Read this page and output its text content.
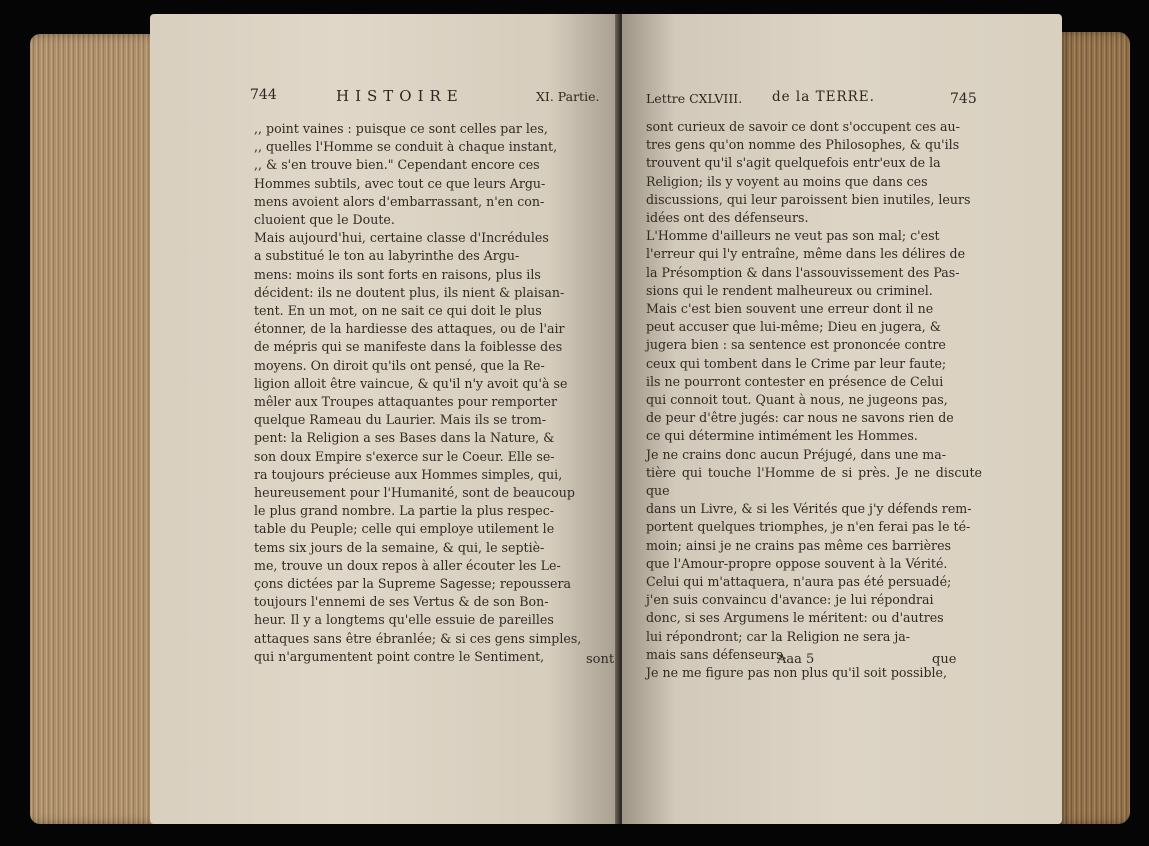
744	HISTOIRE	XI. Partie.

,, point vaines : puisque ce sont celles par les,

,, quelles l'Homme se conduit à chaque instant,

,, & s'en trouve bien." Cependant encore ces

Hommes subtils, avec tout ce que leurs Argu-

mens avoient alors d'embarrassant, n'en con-

cluoient que le Doute.

Mais aujourd'hui, certaine classe d'Incrédules

a substitué le ton au labyrinthe des Argu-

mens: moins ils sont forts en raisons, plus ils

décident: ils ne doutent plus, ils nient & plaisan-

tent. En un mot, on ne sait ce qui doit le plus

étonner, de la hardiesse des attaques, ou de l'air

de mépris qui se manifeste dans la foiblesse des

moyens. On diroit qu'ils ont pensé, que la Re-

ligion alloit être vaincue, & qu'il n'y avoit qu'à se

mêler aux Troupes attaquantes pour remporter

quelque Rameau du Laurier. Mais ils se trom-

pent: la Religion a ses Bases dans la Nature, &

son doux Empire s'exerce sur le Coeur. Elle se-

ra toujours précieuse aux Hommes simples, qui,

heureusement pour l'Humanité, sont de beaucoup

le plus grand nombre. La partie la plus respec-

table du Peuple; celle qui employe utilement le

tems six jours de la semaine, & qui, le septiè-

me, trouve un doux repos à aller écouter les Le-

çons dictées par la Supreme Sagesse; repoussera

toujours l'ennemi de ses Vertus & de son Bon-

heur. Il y a longtems qu'elle essuie de pareilles

attaques sans être ébranlée; & si ces gens simples,

qui n'argumentent point contre le Sentiment,	sont
Lettre CXLVIII. de la TERRE.	745

sont curieux de savoir ce dont s'occupent ces au-

tres gens qu'on nomme des Philosophes, & qu'ils

trouvent qu'il s'agit quelquefois entr'eux de la

Religion; ils y voyent au moins que dans ces

discussions, qui leur paroissent bien inutiles, leurs

idées ont des défenseurs.

L'Homme d'ailleurs ne veut pas son mal; c'est

l'erreur qui l'y entraîne, même dans les délires de

la Présomption & dans l'assouvissement des Pas-

sions qui le rendent malheureux ou criminel.

Mais c'est bien souvent une erreur dont il ne

peut accuser que lui-même; Dieu en jugera, &

jugera bien : sa sentence est prononcée contre

ceux qui tombent dans le Crime par leur faute;

ils ne pourront contester en présence de Celui

qui connoit tout. Quant à nous, ne jugeons pas,

de peur d'être jugés: car nous ne savons rien de

ce qui détermine intimément les Hommes.

Je ne crains donc aucun Préjugé, dans une ma-

tière qui touche l'Homme de si près. Je ne discute que

dans un Livre, & si les Vérités que j'y défends rem-

portent quelques triomphes, je n'en ferai pas le té-

moin; ainsi je ne crains pas même ces barrières

que l'Amour-propre oppose souvent à la Vérité.

Celui qui m'attaquera, n'aura pas été persuadé;

j'en suis convaincu d'avance: je lui répondrai

donc, si ses Argumens le méritent: ou d'autres

lui répondront; car la Religion ne sera ja-

mais sans défenseurs.

Je ne me figure pas non plus qu'il soit possible,

Aaa 5	que
